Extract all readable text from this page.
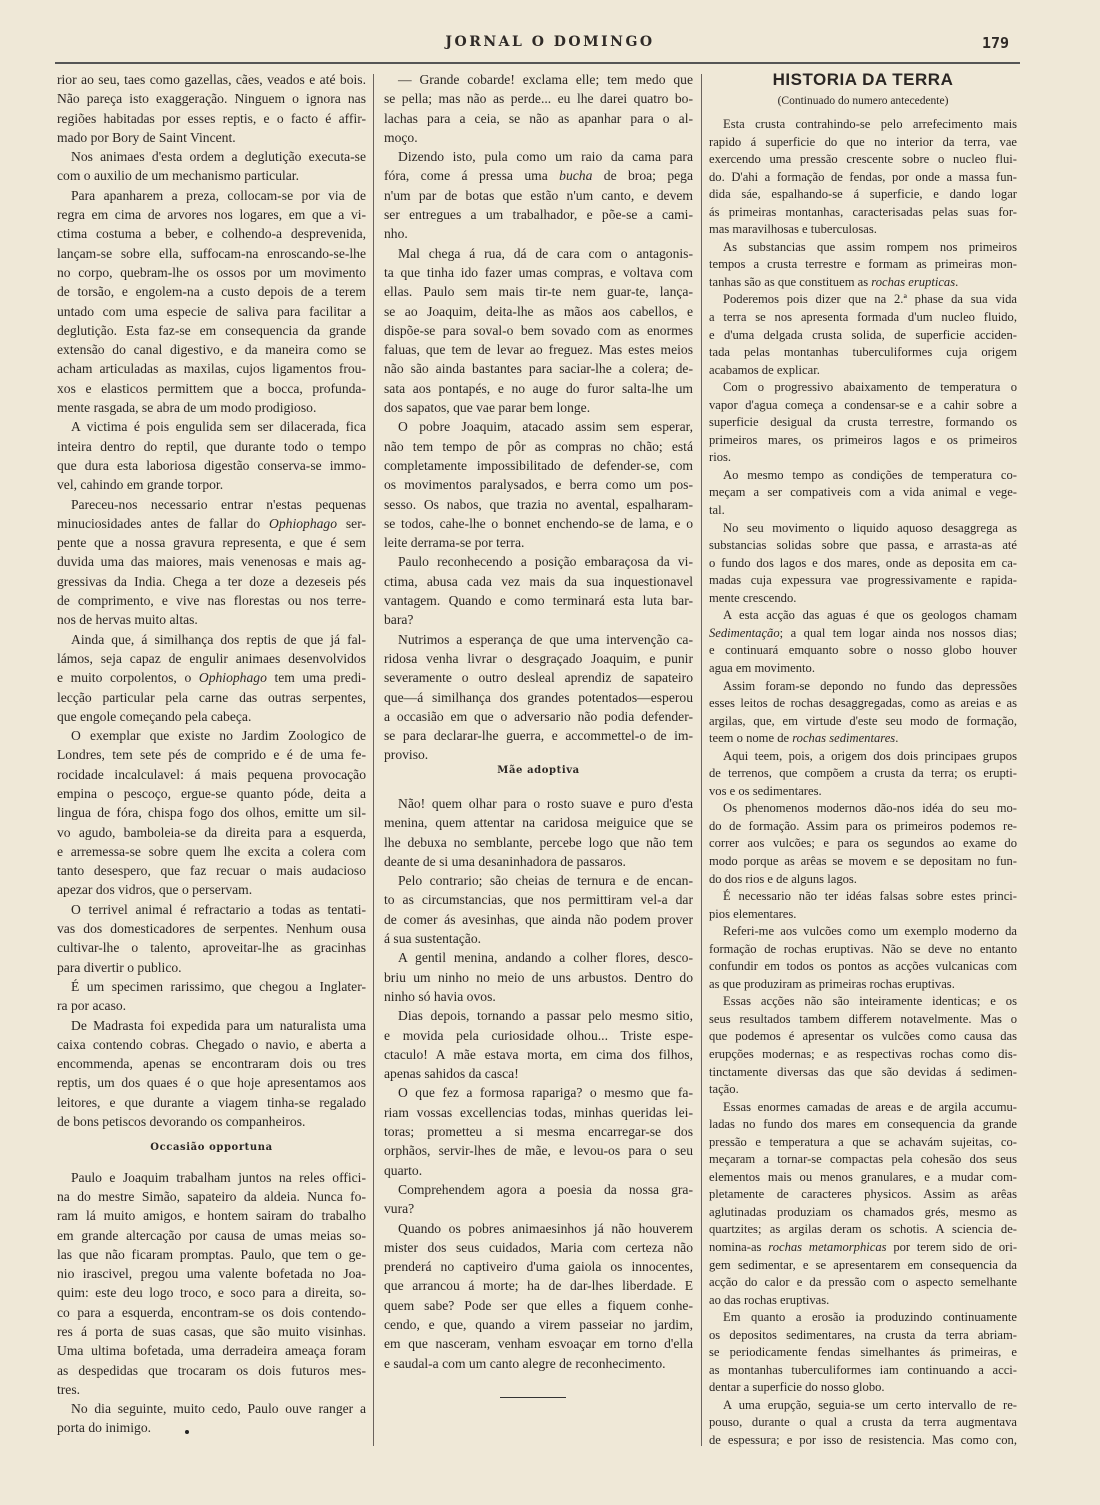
JORNAL O DOMINGO	179
HISTORIA DA TERRA
(Continuado do numero antecedente)
rior ao seu, taes como gazellas, cães, veados e até bois.
Não pareça isto exaggeração. Ninguem o ignora nas
regiões habitadas por esses reptis, e o facto é affir-
mado por Bory de Saint Vincent.
Nos animaes d'esta ordem a deglutição executa-se
com o auxilio de um mechanismo particular.
Para apanharem a preza, collocam-se por via de
regra em cima de arvores nos logares, em que a vi-
ctima costuma a beber, e colhendo-a desprevenida,
lançam-se sobre ella, suffocam-na enroscando-se-lhe
no corpo, quebram-lhe os ossos por um movimento
de torsão, e engolem-na a custo depois de a terem
untado com uma especie de saliva para facilitar a
deglutição. Esta faz-se em consequencia da grande
extensão do canal digestivo, e da maneira como se
acham articuladas as maxilas, cujos ligamentos frou-
xos e elasticos permittem que a bocca, profunda-
mente rasgada, se abra de um modo prodigioso.
A victima é pois engulida sem ser dilacerada, fica
inteira dentro do reptil, que durante todo o tempo
que dura esta laboriosa digestão conserva-se immo-
vel, cahindo em grande torpor.
Pareceu-nos necessario entrar n'estas pequenas
minuciosidades antes de fallar do Ophiophago ser-
pente que a nossa gravura representa, e que é sem
duvida uma das maiores, mais venenosas e mais ag-
gressivas da India. Chega a ter doze a dezeseis pés
de comprimento, e vive nas florestas ou nos terre-
nos de hervas muito altas.
Ainda que, á similhança dos reptis de que já fal-
lámos, seja capaz de engulir animaes desenvolvidos
e muito corpolentos, o Ophiophago tem uma predi-
lecção particular pela carne das outras serpentes,
que engole começando pela cabeça.
O exemplar que existe no Jardim Zoologico de
Londres, tem sete pés de comprido e é de uma fe-
rocidade incalculavel: á mais pequena provocação
empina o pescoço, ergue-se quanto póde, deita a
lingua de fóra, chispa fogo dos olhos, emitte um sil-
vo agudo, bamboleia-se da direita para a esquerda,
e arremessa-se sobre quem lhe excita a colera com
tanto desespero, que faz recuar o mais audacioso
apezar dos vidros, que o perservam.
O terrivel animal é refractario a todas as tentati-
vas dos domesticadores de serpentes. Nenhum ousa
cultivar-lhe o talento, aproveitar-lhe as gracinhas
para divertir o publico.
É um specimen rarissimo, que chegou a Inglater-
ra por acaso.
De Madrasta foi expedida para um naturalista uma
caixa contendo cobras. Chegado o navio, e aberta a
encommenda, apenas se encontraram dois ou tres
reptis, um dos quaes é o que hoje apresentamos aos
leitores, e que durante a viagem tinha-se regalado
de bons petiscos devorando os companheiros.
Occasião opportuna
Paulo e Joaquim trabalham juntos na reles offici-
na do mestre Simão, sapateiro da aldeia. Nunca fo-
ram lá muito amigos, e hontem sairam do trabalho
em grande altercação por causa de umas meias so-
las que não ficaram promptas. Paulo, que tem o ge-
nio irascivel, pregou uma valente bofetada no Joa-
quim: este deu logo troco, e soco para a direita, so-
co para a esquerda, encontram-se os dois contendo-
res á porta de suas casas, que são muito visinhas.
Uma ultima bofetada, uma derradeira ameaça foram
as despedidas que trocaram os dois futuros mes-
tres.
No dia seguinte, muito cedo, Paulo ouve ranger a
porta do inimigo.
— Grande cobarde! exclama elle; tem medo que
se pella; mas não as perde... eu lhe darei quatro bo-
lachas para a ceia, se não as apanhar para o al-
moço.
Dizendo isto, pula como um raio da cama para
fóra, come á pressa uma bucha de broa; pega
n'um par de botas que estão n'um canto, e devem
ser entregues a um trabalhador, e põe-se a cami-
nho.
Mal chega á rua, dá de cara com o antagonis-
ta que tinha ido fazer umas compras, e voltava com
ellas. Paulo sem mais tir-te nem guar-te, lança-
se ao Joaquim, deita-lhe as mãos aos cabellos, e
dispõe-se para soval-o bem sovado com as enormes
faluas, que tem de levar ao freguez. Mas estes meios
não são ainda bastantes para saciar-lhe a colera; de-
sata aos pontapés, e no auge do furor salta-lhe um
dos sapatos, que vae parar bem longe.
O pobre Joaquim, atacado assim sem esperar,
não tem tempo de pôr as compras no chão; está
completamente impossibilitado de defender-se, com
os movimentos paralysados, e berra como um pos-
sesso. Os nabos, que trazia no avental, espalharam-
se todos, cahe-lhe o bonnet enchendo-se de lama, e o
leite derrama-se por terra.
Paulo reconhecendo a posição embaraçosa da vi-
ctima, abusa cada vez mais da sua inquestionavel
vantagem. Quando e como terminará esta luta bar-
bara?
Nutrimos a esperança de que uma intervenção ca-
ridosa venha livrar o desgraçado Joaquim, e punir
severamente o outro desleal aprendiz de sapateiro
que—á similhança dos grandes potentados—esperou
a occasião em que o adversario não podia defender-
se para declarar-lhe guerra, e accommettel-o de im-
proviso.
Mãe adoptiva
Não! quem olhar para o rosto suave e puro d'esta
menina, quem attentar na caridosa meiguice que se
lhe debuxa no semblante, percebe logo que não tem
deante de si uma desaninhadora de passaros.
Pelo contrario; são cheias de ternura e de encan-
to as circumstancias, que nos permittiram vel-a dar
de comer ás avesinhas, que ainda não podem prover
á sua sustentação.
A gentil menina, andando a colher flores, desco-
briu um ninho no meio de uns arbustos. Dentro do
ninho só havia ovos.
Dias depois, tornando a passar pelo mesmo sitio,
e movida pela curiosidade olhou... Triste espe-
ctaculo! A mãe estava morta, em cima dos filhos,
apenas sahidos da casca!
O que fez a formosa rapariga? o mesmo que fa-
riam vossas excellencias todas, minhas queridas lei-
toras; prometteu a si mesma encarregar-se dos
orphãos, servir-lhes de mãe, e levou-os para o seu
quarto.
Comprehendem agora a poesia da nossa gra-
vura?
Quando os pobres animaesinhos já não houverem
mister dos seus cuidados, Maria com certeza não
prenderá no captiveiro d'uma gaiola os innocentes,
que arrancou á morte; ha de dar-lhes liberdade. E
quem sabe? Pode ser que elles a fiquem conhe-
cendo, e que, quando a virem passeiar no jardim,
em que nasceram, venham esvoaçar em torno d'ella
e saudal-a com um canto alegre de reconhecimento.
Esta crusta contrahindo-se pelo arrefecimento mais
rapido á superficie do que no interior da terra, vae
exercendo uma pressão crescente sobre o nucleo flui-
do. D'ahi a formação de fendas, por onde a massa fun-
dida sáe, espalhando-se á superficie, e dando logar
ás primeiras montanhas, caracterisadas pelas suas for-
mas maravilhosas e tuberculosas.
As substancias que assim rompem nos primeiros
tempos a crusta terrestre e formam as primeiras mon-
tanhas são as que constituem as rochas erupticas.
Poderemos pois dizer que na 2.ª phase da sua vida
a terra se nos apresenta formada d'um nucleo fluido,
e d'uma delgada crusta solida, de superficie acciden-
tada pelas montanhas tuberculiformes cuja origem
acabamos de explicar.
Com o progressivo abaixamento de temperatura o
vapor d'agua começa a condensar-se e a cahir sobre a
superficie desigual da crusta terrestre, formando os
primeiros mares, os primeiros lagos e os primeiros
rios.
Ao mesmo tempo as condições de temperatura co-
meçam a ser compativeis com a vida animal e vege-
tal.
No seu movimento o liquido aquoso desaggrega as
substancias solidas sobre que passa, e arrasta-as até
o fundo dos lagos e dos mares, onde as deposita em ca-
madas cuja expessura vae progressivamente e rapida-
mente crescendo.
A esta acção das aguas é que os geologos chamam
Sedimentação; a qual tem logar ainda nos nossos dias;
e continuará emquanto sobre o nosso globo houver
agua em movimento.
Assim foram-se depondo no fundo das depressões
esses leitos de rochas desaggregadas, como as areias e as
argilas, que, em virtude d'este seu modo de formação,
teem o nome de rochas sedimentares.
Aqui teem, pois, a origem dos dois principaes grupos
de terrenos, que compõem a crusta da terra; os erupti-
vos e os sedimentares.
Os phenomenos modernos dão-nos idéa do seu mo-
do de formação. Assim para os primeiros podemos re-
correr aos vulcões; e para os segundos ao exame do
modo porque as arêas se movem e se depositam no fun-
do dos rios e de alguns lagos.
É necessario não ter idéas falsas sobre estes princi-
pios elementares.
Referi-me aos vulcões como um exemplo moderno da
formação de rochas eruptivas. Não se deve no entanto
confundir em todos os pontos as acções vulcanicas com
as que produziram as primeiras rochas eruptivas.
Essas acções não são inteiramente identicas; e os
seus resultados tambem differem notavelmente. Mas o
que podemos é apresentar os vulcões como causa das
erupções modernas; e as respectivas rochas como dis-
tinctamente diversas das que são devidas á sedimen-
tação.
Essas enormes camadas de areas e de argila accumu-
ladas no fundo dos mares em consequencia da grande
pressão e temperatura a que se achavám sujeitas, co-
meçaram a tornar-se compactas pela cohesão dos seus
elementos mais ou menos granulares, e a mudar com-
pletamente de caracteres physicos. Assim as arêas
aglutinadas produziam os chamados grés, mesmo as
quartzites; as argilas deram os schotis. A sciencia de-
nomina-as rochas metamorphicas por terem sido de ori-
gem sedimentar, e se apresentarem em consequencia da
acção do calor e da pressão com o aspecto semelhante
ao das rochas eruptivas.
Em quanto a erosão ia produzindo continuamente
os depositos sedimentares, na crusta da terra abriam-
se periodicamente fendas simelhantes ás primeiras, e
as montanhas tuberculiformes iam continuando a acci-
dentar a superficie do nosso globo.
A uma erupção, seguia-se um certo intervallo de re-
pouso, durante o qual a crusta da terra augmentava
de espessura; e por isso de resistencia. Mas como con,
